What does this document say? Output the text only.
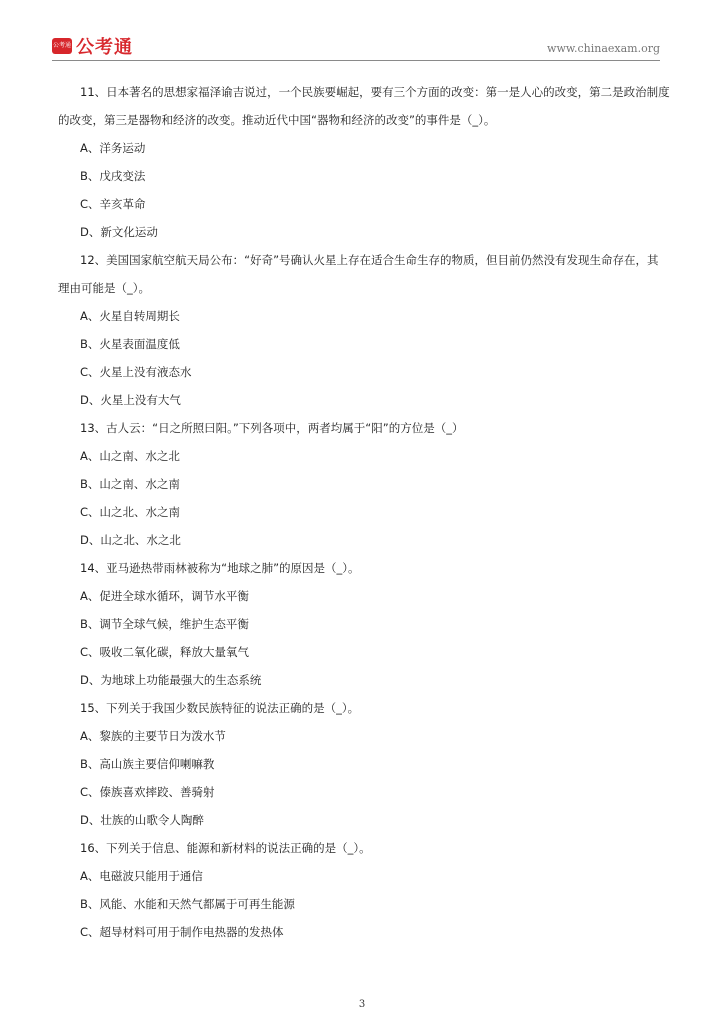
公考通 公考通	www.chinaexam.org

11、日本著名的思想家福泽谕吉说过，一个民族要崛起，要有三个方面的改变：第一是人心的改变，第二是政治制度的改变，第三是器物和经济的改变。推动近代中国“器物和经济的改变”的事件是（_）。

A、洋务运动
B、戊戌变法
C、辛亥革命
D、新文化运动

12、美国国家航空航天局公布：“好奇”号确认火星上存在适合生命生存的物质，但目前仍然没有发现生命存在，其理由可能是（_）。

A、火星自转周期长
B、火星表面温度低
C、火星上没有液态水
D、火星上没有大气

13、古人云：“日之所照曰阳。”下列各项中，两者均属于“阳”的方位是（_）

A、山之南、水之北
B、山之南、水之南
C、山之北、水之南
D、山之北、水之北

14、亚马逊热带雨林被称为“地球之肺”的原因是（_）。

A、促进全球水循环，调节水平衡
B、调节全球气候，维护生态平衡
C、吸收二氧化碳，释放大量氧气
D、为地球上功能最强大的生态系统

15、下列关于我国少数民族特征的说法正确的是（_）。

A、黎族的主要节日为泼水节
B、高山族主要信仰喇嘛教
C、傣族喜欢摔跤、善骑射
D、壮族的山歌令人陶醉

16、下列关于信息、能源和新材料的说法正确的是（_）。

A、电磁波只能用于通信
B、风能、水能和天然气都属于可再生能源
C、超导材料可用于制作电热器的发热体
3
